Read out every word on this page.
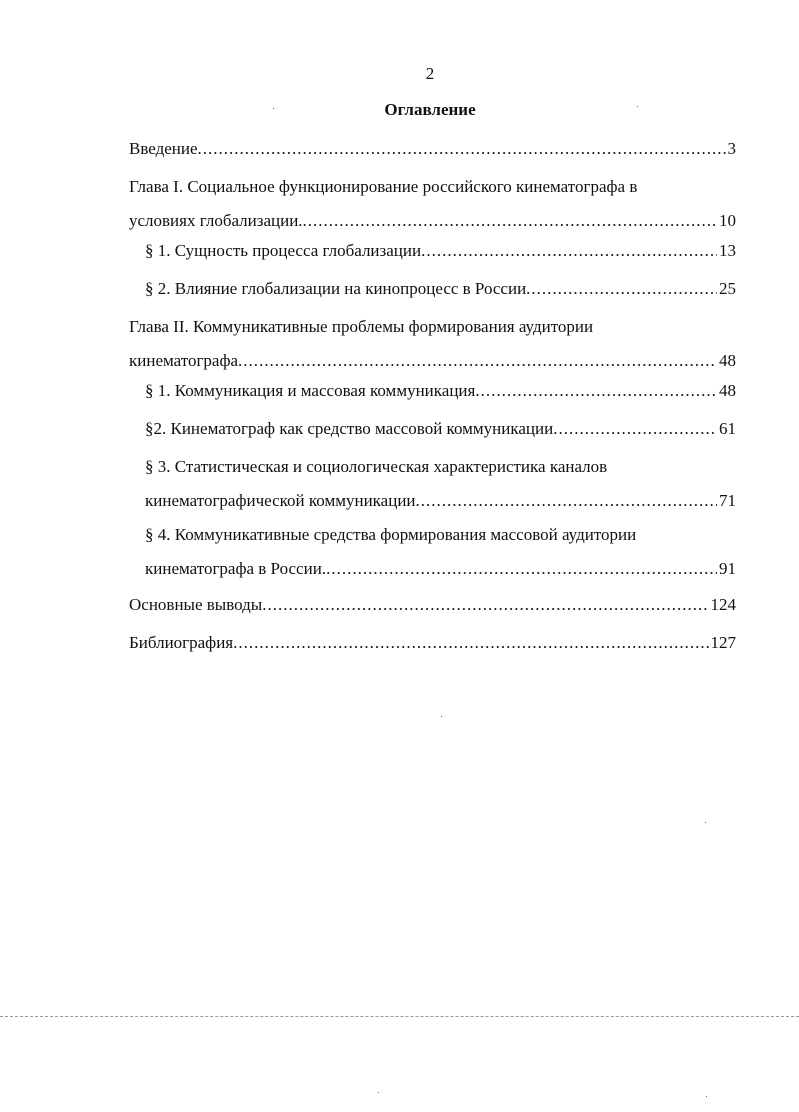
2
Оглавление
Введение .....	3
Глава I. Социальное функционирование российского кинематографа в
условиях глобализации. .....	10
§ 1. Сущность процесса глобализации .....	13
§ 2. Влияние глобализации на кинопроцесс в России .....	25
Глава II. Коммуникативные проблемы формирования аудитории
кинематографа .....	48
§ 1. Коммуникация и массовая коммуникация .....	48
§2. Кинематограф как средство массовой коммуникации .....	61
§ 3. Статистическая и социологическая характеристика каналов
кинематографической коммуникации .....	71
§ 4. Коммуникативные средства формирования массовой аудитории
кинематографа в России. .....	91
Основные выводы .....	124
Библиография .....	127
